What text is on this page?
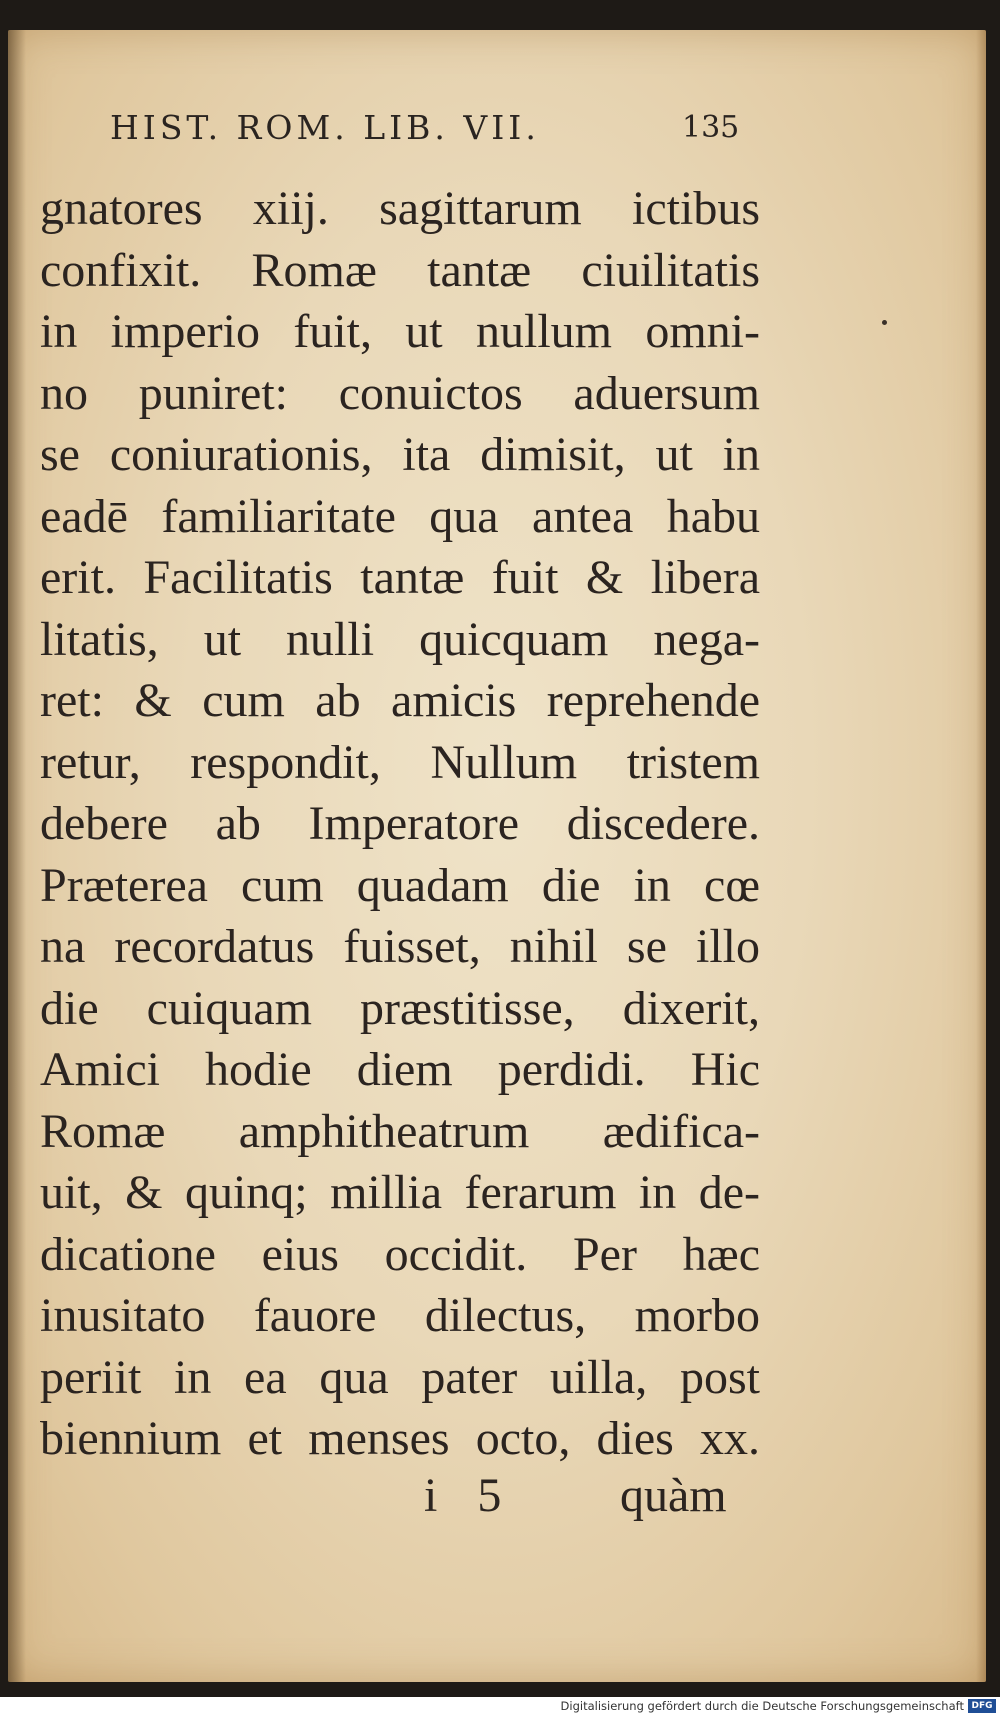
HIST. ROM. LIB. VII.	135
gnatores xiij. sagittarum ictibus
confixit. Romæ tantæ ciuilitatis
in imperio fuit, ut nullum omni-
no puniret: conuictos aduersum
se coniurationis, ita dimisit, ut in
eadē familiaritate qua antea habu
erit. Facilitatis tantæ fuit & libera
litatis, ut nulli quicquam nega-
ret: & cum ab amicis reprehende
retur, respondit, Nullum tristem
debere ab Imperatore discedere.
Præterea cum quadam die in cœ
na recordatus fuisset, nihil se illo
die cuiquam præstitisse, dixerit,
Amici hodie diem perdidi. Hic
Romæ amphitheatrum ædifica-
uit, & quinq; millia ferarum in de-
dicatione eius occidit. Per hæc
inusitato fauore dilectus, morbo
periit in ea qua pater uilla, post
biennium et menses octo, dies xx.
i 5 quàm
Digitalisierung gefördert durch die Deutsche Forschungsgemeinschaft DFG
